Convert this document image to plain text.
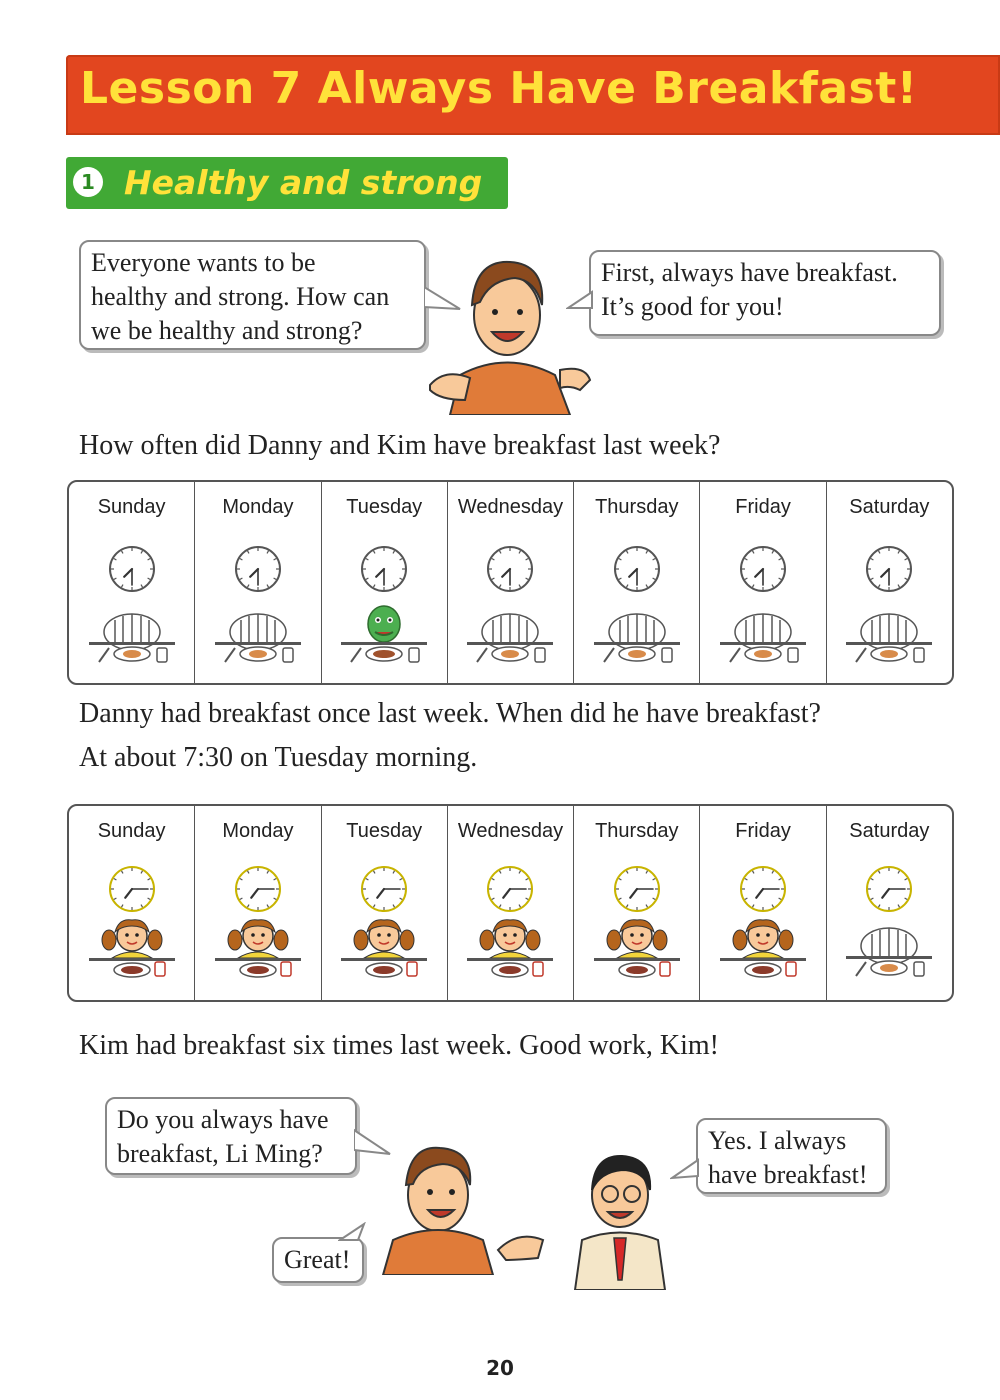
Lesson 7 Always Have Breakfast!
1 Healthy and strong
Everyone wants to be
healthy and strong. How can
we be healthy and strong?
First, always have breakfast.
It’s good for you!
How often did Danny and Kim have breakfast last week?
Sunday	Monday	Tuesday	Wednesday	Thursday	Friday	Saturday
Danny had breakfast once last week. When did he have breakfast?
At about 7:30 on Tuesday morning.
Sunday	Monday	Tuesday	Wednesday	Thursday	Friday	Saturday
Kim had breakfast six times last week. Good work, Kim!
Do you always have
breakfast, Li Ming?
Great!
Yes. I always
have breakfast!
20
